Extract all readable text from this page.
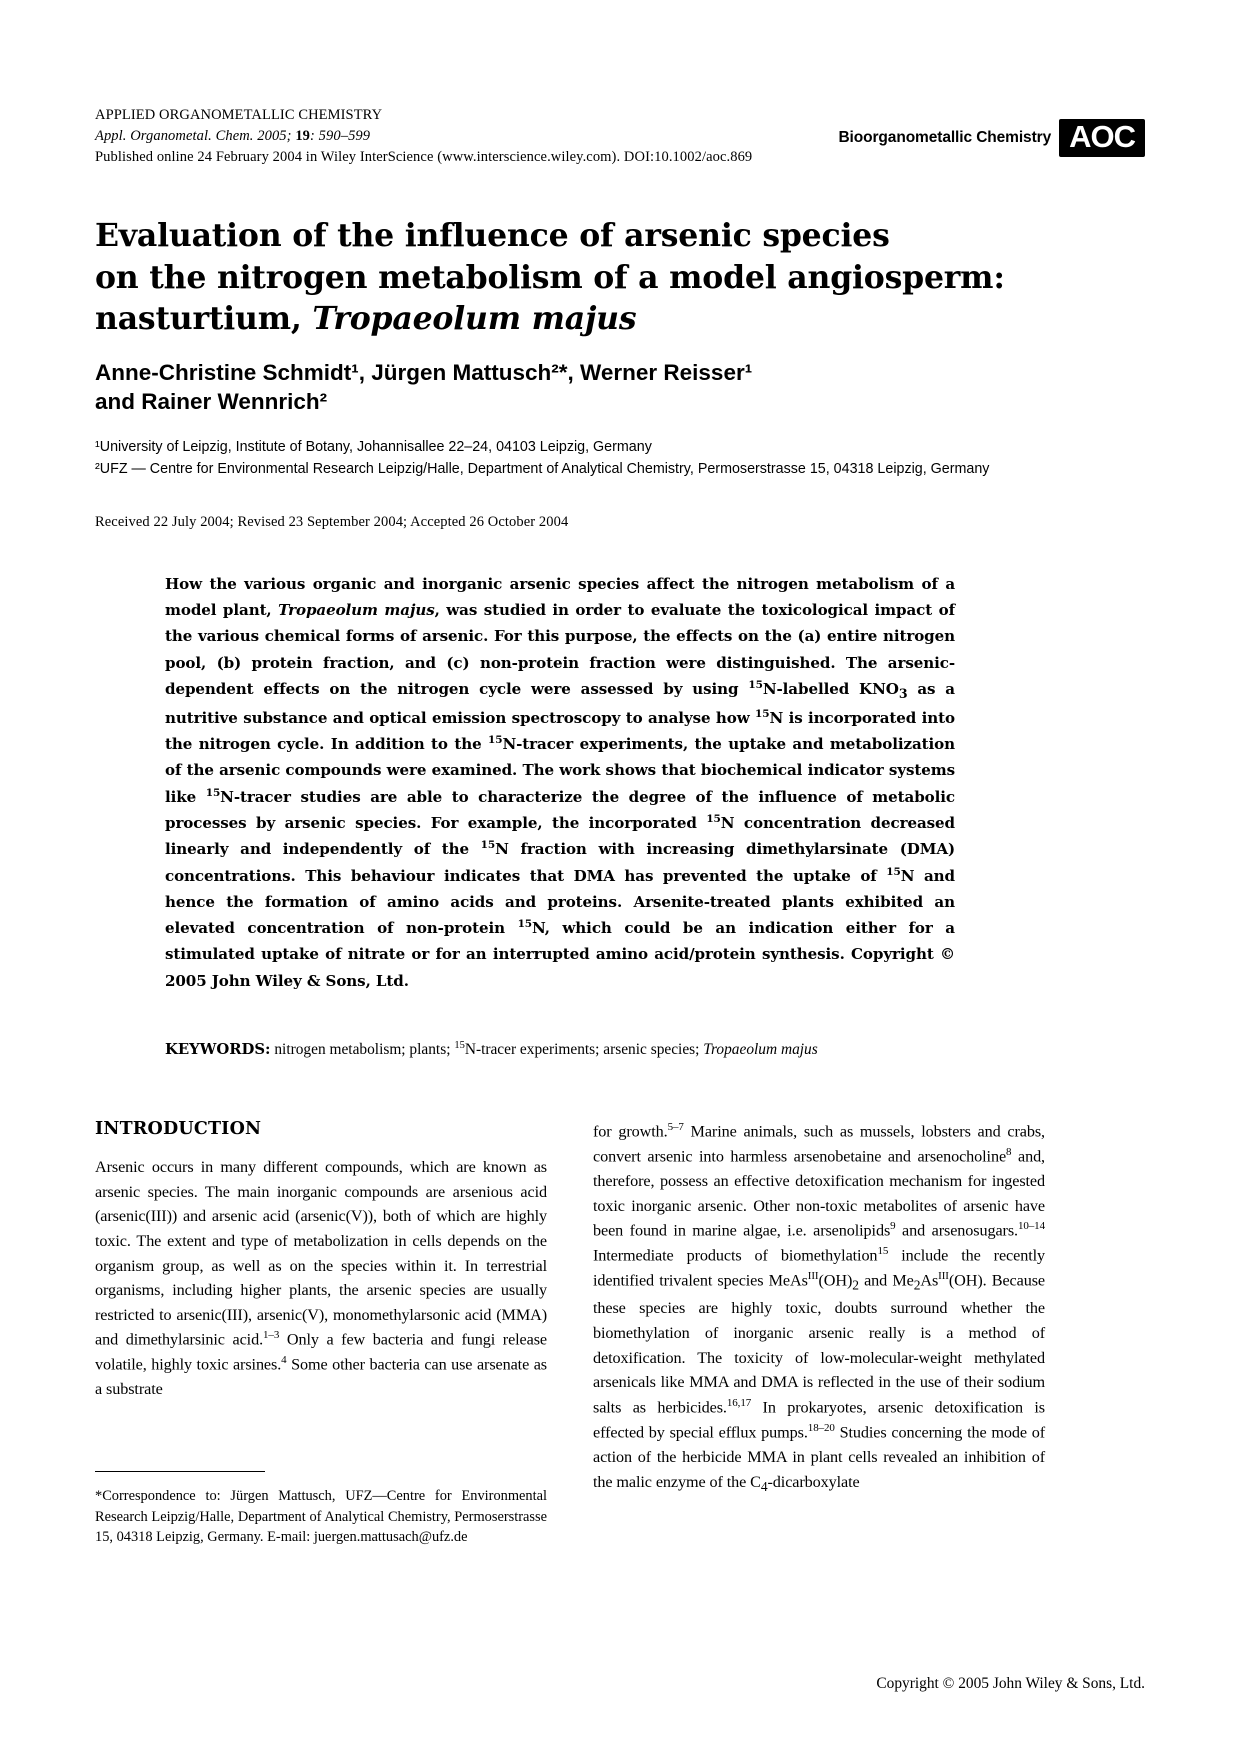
APPLIED ORGANOMETALLIC CHEMISTRY
Appl. Organometal. Chem. 2005; 19: 590–599
Published online 24 February 2004 in Wiley InterScience (www.interscience.wiley.com). DOI:10.1002/aoc.869
Bioorganometallic Chemistry AOC
Evaluation of the influence of arsenic species
on the nitrogen metabolism of a model angiosperm:
nasturtium, Tropaeolum majus
Anne-Christine Schmidt¹, Jürgen Mattusch²*, Werner Reisser¹
and Rainer Wennrich²
¹University of Leipzig, Institute of Botany, Johannisallee 22–24, 04103 Leipzig, Germany
²UFZ — Centre for Environmental Research Leipzig/Halle, Department of Analytical Chemistry, Permoserstrasse 15, 04318 Leipzig, Germany
Received 22 July 2004; Revised 23 September 2004; Accepted 26 October 2004
How the various organic and inorganic arsenic species affect the nitrogen metabolism of a model plant, Tropaeolum majus, was studied in order to evaluate the toxicological impact of the various chemical forms of arsenic. For this purpose, the effects on the (a) entire nitrogen pool, (b) protein fraction, and (c) non-protein fraction were distinguished. The arsenic-dependent effects on the nitrogen cycle were assessed by using $^{15}$N-labelled $KNO_3$ as a nutritive substance and optical emission spectroscopy to analyse how $^{15}$N is incorporated into the nitrogen cycle. In addition to the $^{15}$N-tracer experiments, the uptake and metabolization of the arsenic compounds were examined. The work shows that biochemical indicator systems like $^{15}$N-tracer studies are able to characterize the degree of the influence of metabolic processes by arsenic species. For example, the incorporated $^{15}$N concentration decreased linearly and independently of the $^{15}$N fraction with increasing dimethylarsinate (DMA) concentrations. This behaviour indicates that DMA has prevented the uptake of $^{15}$N and hence the formation of amino acids and proteins. Arsenite-treated plants exhibited an elevated concentration of non-protein $^{15}$N, which could be an indication either for a stimulated uptake of nitrate or for an interrupted amino acid/protein synthesis. Copyright © 2005 John Wiley & Sons, Ltd.
KEYWORDS: nitrogen metabolism; plants; $^{15}$N-tracer experiments; arsenic species; Tropaeolum majus
INTRODUCTION

Arsenic occurs in many different compounds, which are known as arsenic species. The main inorganic compounds are arsenious acid (arsenic(III)) and arsenic acid (arsenic(V)), both of which are highly toxic. The extent and type of metabolization in cells depends on the organism group, as well as on the species within it. In terrestrial organisms, including higher plants, the arsenic species are usually restricted to arsenic(III), arsenic(V), monomethylarsonic acid (MMA) and dimethylarsinic acid.$^{1-3}$ Only a few bacteria and fungi release volatile, highly toxic arsines.$^4$ Some other bacteria can use arsenate as a substrate

*Correspondence to: Jürgen Mattusch, UFZ—Centre for Environmental Research Leipzig/Halle, Department of Analytical Chemistry, Permoserstrasse 15, 04318 Leipzig, Germany. E-mail: juergen.mattusach@ufz.de

for growth.$^{5-7}$ Marine animals, such as mussels, lobsters and crabs, convert arsenic into harmless arsenobetaine and arsenocholine$^8$ and, therefore, possess an effective detoxification mechanism for ingested toxic inorganic arsenic. Other non-toxic metabolites of arsenic have been found in marine algae, i.e. arsenolipids$^9$ and arsenosugars.$^{10-14}$ Intermediate products of biomethylation$^{15}$ include the recently identified trivalent species $MeAs^{III}(OH)_2$ and $Me_2As^{III}(OH)$. Because these species are highly toxic, doubts surround whether the biomethylation of inorganic arsenic really is a method of detoxification. The toxicity of low-molecular-weight methylated arsenicals like MMA and DMA is reflected in the use of their sodium salts as herbicides.$^{16,17}$ In prokaryotes, arsenic detoxification is effected by special efflux pumps.$^{18-20}$ Studies concerning the mode of action of the herbicide MMA in plant cells revealed an inhibition of the malic enzyme of the $C_4$-dicarboxylate

Copyright © 2005 John Wiley & Sons, Ltd.
